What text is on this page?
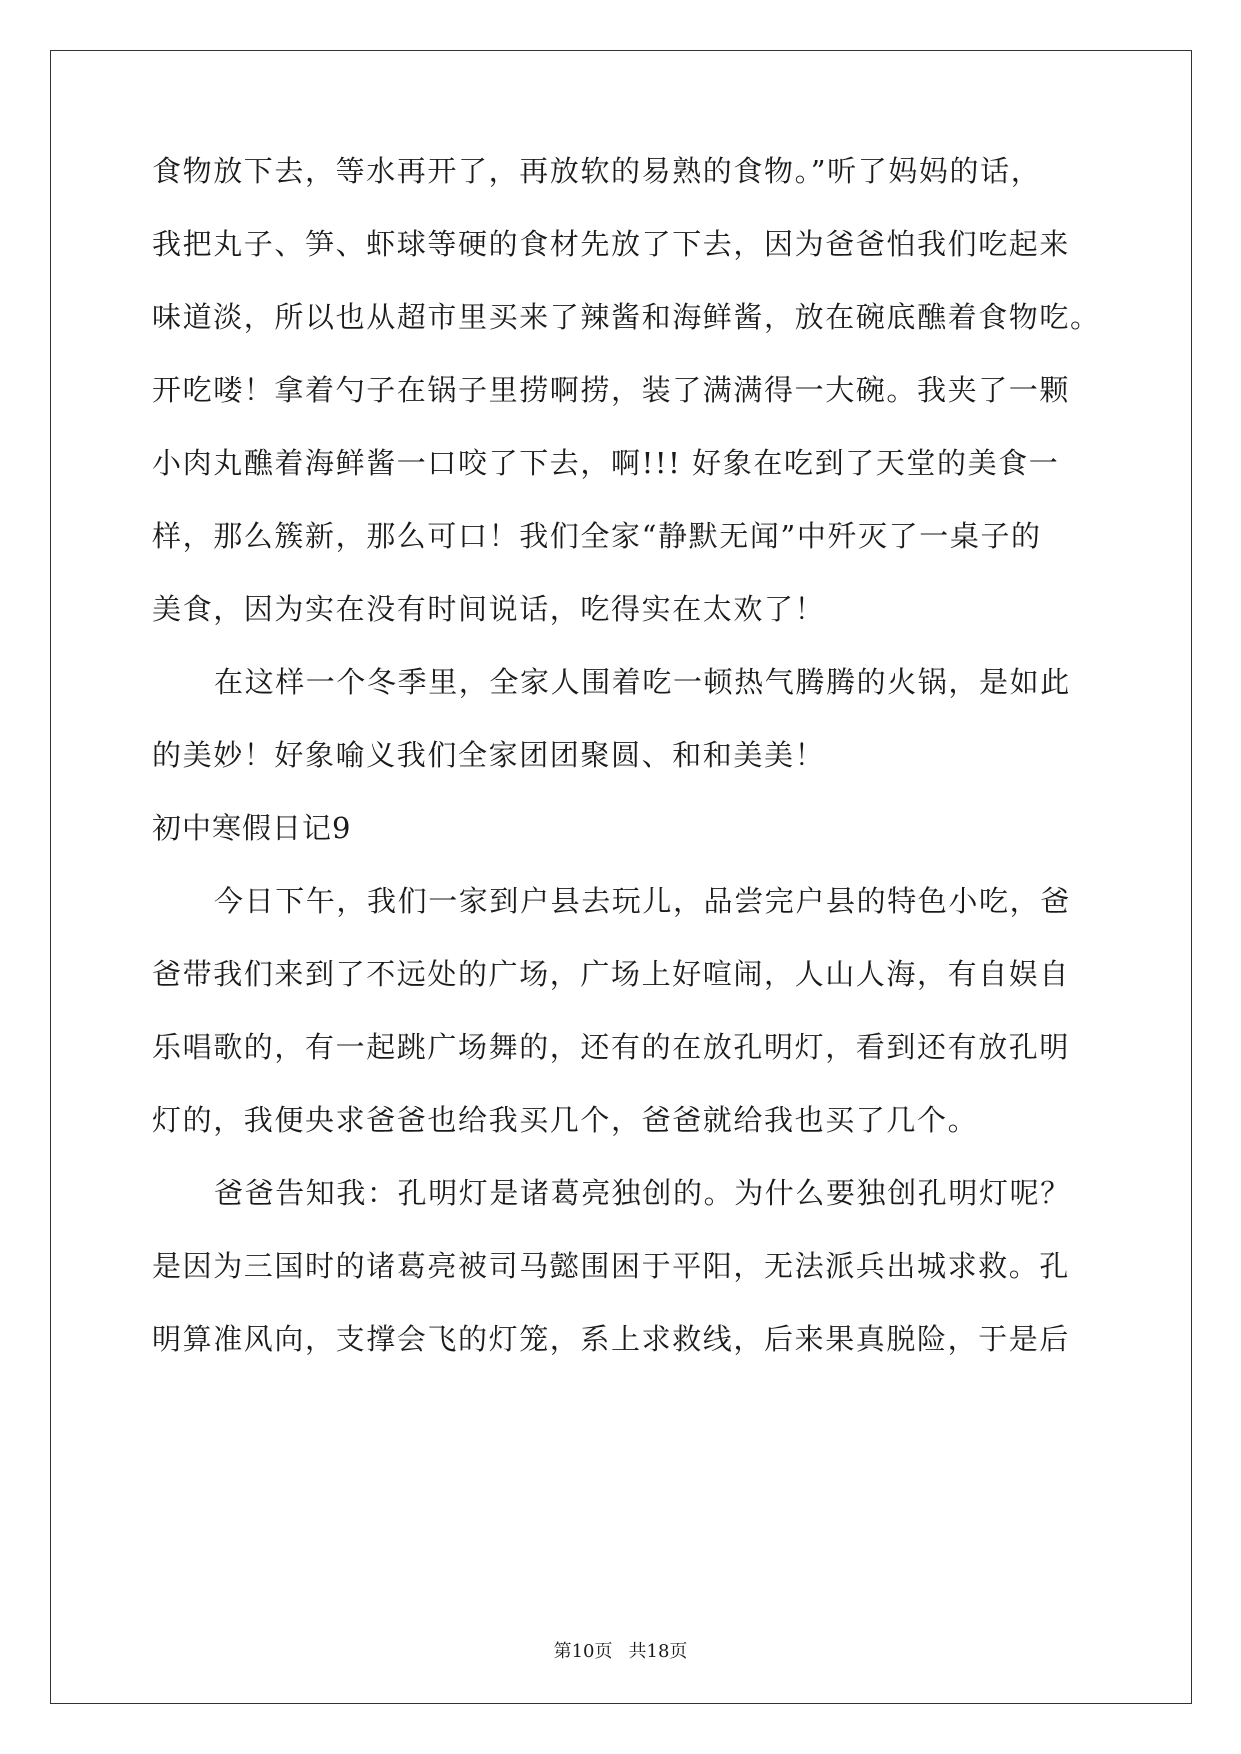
食物放下去，等水再开了，再放软的易熟的食物。”听了妈妈的话，
我把丸子、笋、虾球等硬的食材先放了下去，因为爸爸怕我们吃起来
味道淡，所以也从超市里买来了辣酱和海鲜酱，放在碗底醮着食物吃。
开吃喽！拿着勺子在锅子里捞啊捞，装了满满得一大碗。我夹了一颗
小肉丸醮着海鲜酱一口咬了下去，啊!!! 好象在吃到了天堂的美食一
样，那么簇新，那么可口！我们全家“静默无闻”中歼灭了一桌子的
美食，因为实在没有时间说话，吃得实在太欢了！
在这样一个冬季里，全家人围着吃一顿热气腾腾的火锅，是如此
的美妙！好象喻义我们全家团团聚圆、和和美美！
初中寒假日记9
今日下午，我们一家到户县去玩儿，品尝完户县的特色小吃，爸
爸带我们来到了不远处的广场，广场上好喧闹，人山人海，有自娱自
乐唱歌的，有一起跳广场舞的，还有的在放孔明灯，看到还有放孔明
灯的，我便央求爸爸也给我买几个，爸爸就给我也买了几个。
爸爸告知我：孔明灯是诸葛亮独创的。为什么要独创孔明灯呢？
是因为三国时的诸葛亮被司马懿围困于平阳，无法派兵出城求救。孔
明算准风向，支撑会飞的灯笼，系上求救线，后来果真脱险，于是后
第10页 共18页
